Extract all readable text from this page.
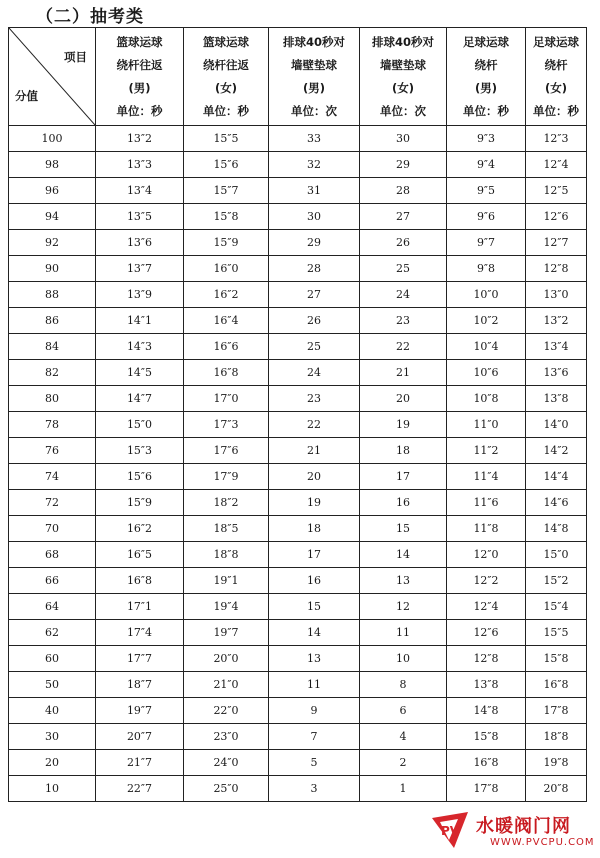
（二）抽考类
项目
分值	篮球运球
绕杆往返
(男)
单位：秒	篮球运球
绕杆往返
(女)
单位：秒	排球40秒对
墙壁垫球
(男)
单位：次	排球40秒对
墙壁垫球
(女)
单位：次	足球运球
绕杆
(男)
单位：秒	足球运球
绕杆
(女)
单位：秒

100	13″2	15″5	33	30	9″3	12″3
98	13″3	15″6	32	29	9″4	12″4
96	13″4	15″7	31	28	9″5	12″5
94	13″5	15″8	30	27	9″6	12″6
92	13″6	15″9	29	26	9″7	12″7
90	13″7	16″0	28	25	9″8	12″8
88	13″9	16″2	27	24	10″0	13″0
86	14″1	16″4	26	23	10″2	13″2
84	14″3	16″6	25	22	10″4	13″4
82	14″5	16″8	24	21	10″6	13″6
80	14″7	17″0	23	20	10″8	13″8
78	15″0	17″3	22	19	11″0	14″0
76	15″3	17″6	21	18	11″2	14″2
74	15″6	17″9	20	17	11″4	14″4
72	15″9	18″2	19	16	11″6	14″6
70	16″2	18″5	18	15	11″8	14″8
68	16″5	18″8	17	14	12″0	15″0
66	16″8	19″1	16	13	12″2	15″2
64	17″1	19″4	15	12	12″4	15″4
62	17″4	19″7	14	11	12″6	15″5
60	17″7	20″0	13	10	12″8	15″8
50	18″7	21″0	11	8	13″8	16″8
40	19″7	22″0	9	6	14″8	17″8
30	20″7	23″0	7	4	15″8	18″8
20	21″7	24″0	5	2	16″8	19″8
10	22″7	25″0	3	1	17″8	20″8
PV 水暖阀门网
WWW.PVCPU.COM
